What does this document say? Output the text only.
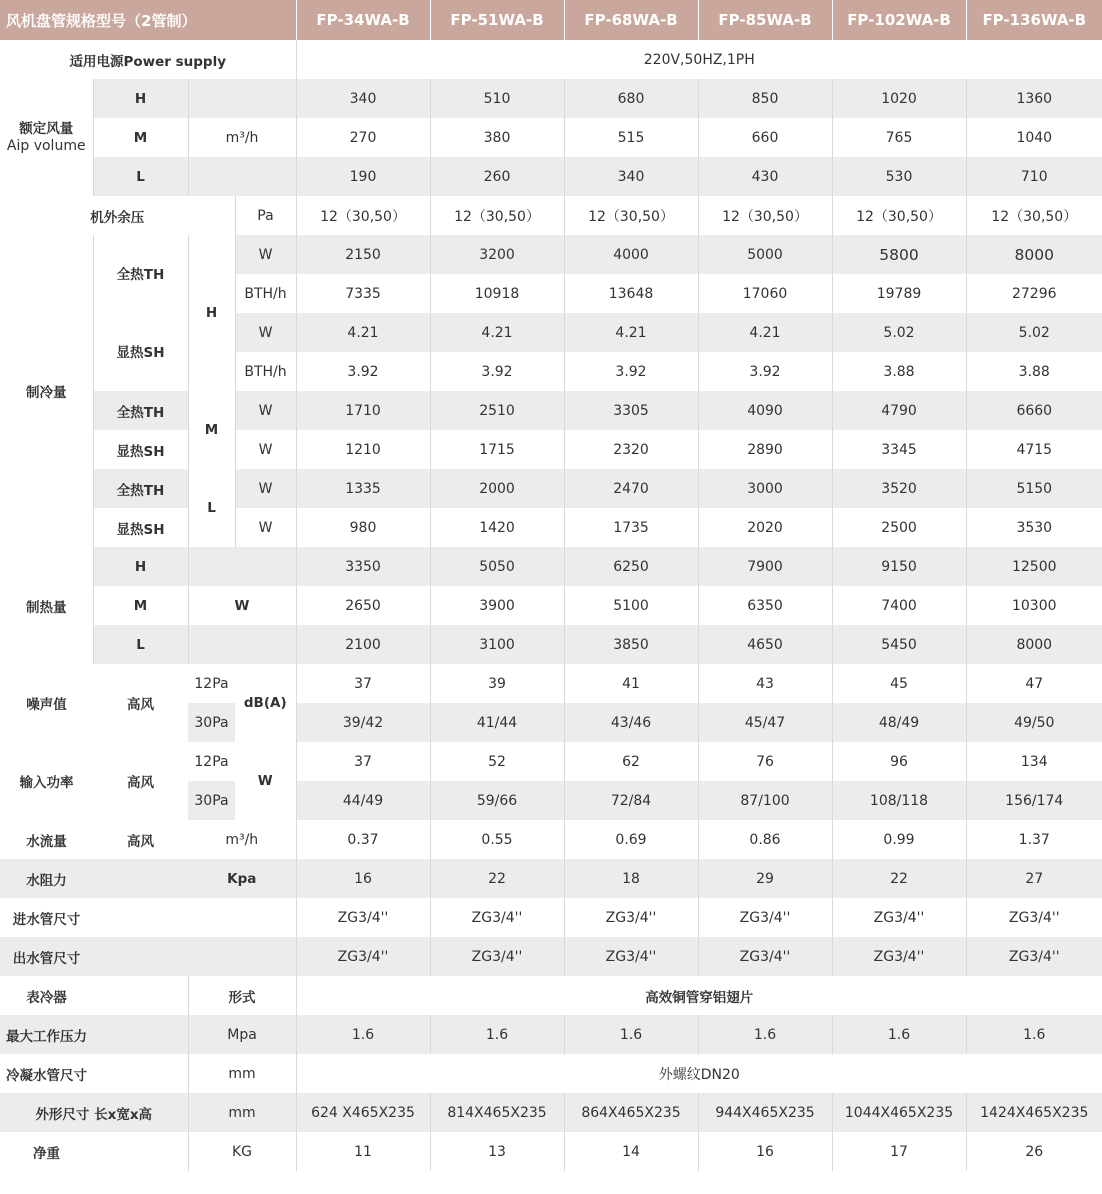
风机盘管规格型号（2管制）				FP-34WA-B	FP-51WA-B	FP-68WA-B	FP-85WA-B	FP-102WA-B	FP-136WA-B
适用电源Power supply				220V,50HZ,1PH					
额定风量
Aip volume	H			340	510	680	850	1020	1360
	M	m³/h		270	380	515	660	765	1040
	L			190	260	340	430	530	710
机外余压			Pa	12（30,50）	12（30,50）	12（30,50）	12（30,50）	12（30,50）	12（30,50）
制冷量	全热TH	H	W	2150	3200	4000	5000	5800	8000
			BTH/h	7335	10918	13648	17060	19789	27296
	显热SH		W	4.21	4.21	4.21	4.21	5.02	5.02
			BTH/h	3.92	3.92	3.92	3.92	3.88	3.88
	全热TH	M	W	1710	2510	3305	4090	4790	6660
	显热SH		W	1210	1715	2320	2890	3345	4715
	全热TH	L	W	1335	2000	2470	3000	3520	5150
	显热SH		W	980	1420	1735	2020	2500	3530
制热量	H			3350	5050	6250	7900	9150	12500
	M	W		2650	3900	5100	6350	7400	10300
	L			2100	3100	3850	4650	5450	8000
噪声值	高风	12Pa	dB(A)	37	39	41	43	45	47
		30Pa		39/42	41/44	43/46	45/47	48/49	49/50
输入功率	高风	12Pa	W	37	52	62	76	96	134
		30Pa		44/49	59/66	72/84	87/100	108/118	156/174
水流量	高风	m³/h		0.37	0.55	0.69	0.86	0.99	1.37
水阻力		Kpa		16	22	18	29	22	27
进水管尺寸				ZG3/4''	ZG3/4''	ZG3/4''	ZG3/4''	ZG3/4''	ZG3/4''
出水管尺寸				ZG3/4''	ZG3/4''	ZG3/4''	ZG3/4''	ZG3/4''	ZG3/4''
表冷器		形式		高效铜管穿铝翅片					
最大工作压力		Mpa		1.6	1.6	1.6	1.6	1.6	1.6
冷凝水管尺寸		mm		外螺纹DN20					
外形尺寸 长x宽x高		mm		624 X465X235	814X465X235	864X465X235	944X465X235	1044X465X235	1424X465X235
净重		KG		11	13	14	16	17	26
